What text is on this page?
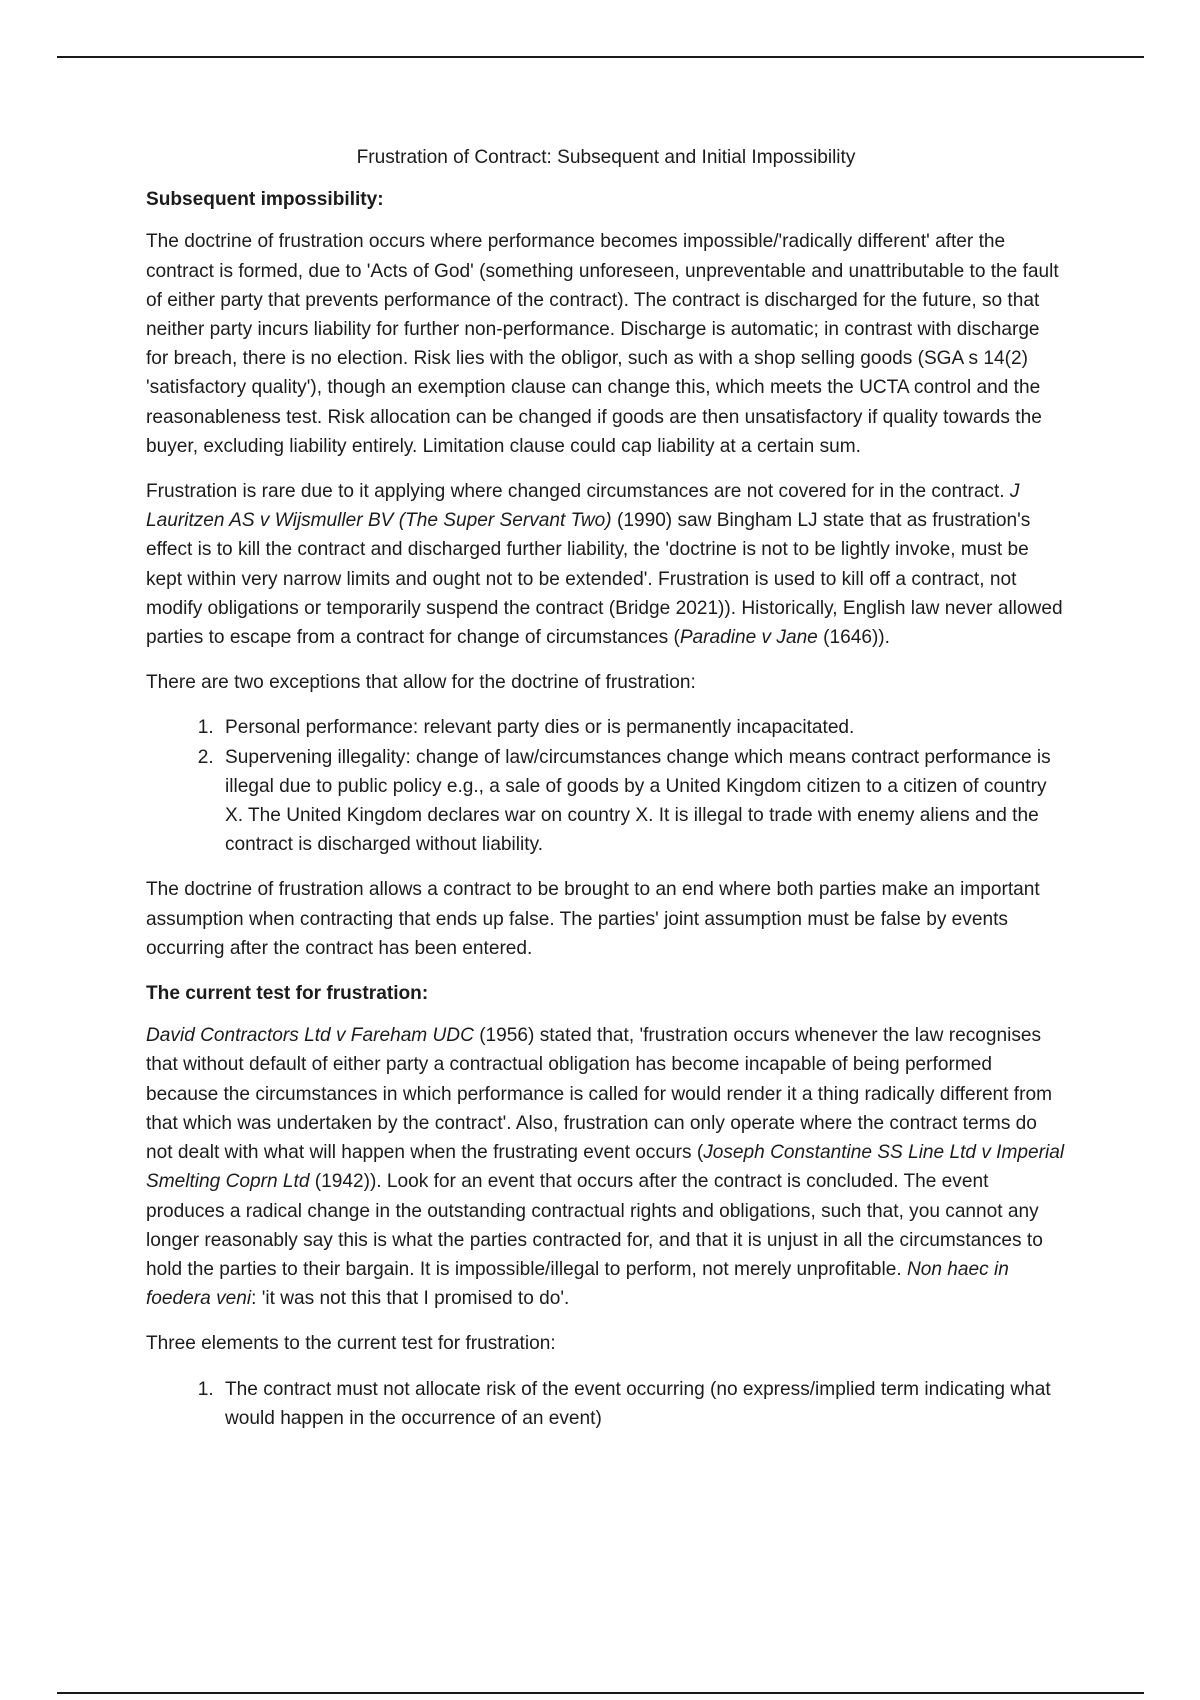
Frustration of Contract: Subsequent and Initial Impossibility
Subsequent impossibility:

The doctrine of frustration occurs where performance becomes impossible/'radically different' after the contract is formed, due to 'Acts of God' (something unforeseen, unpreventable and unattributable to the fault of either party that prevents performance of the contract). The contract is discharged for the future, so that neither party incurs liability for further non-performance. Discharge is automatic; in contrast with discharge for breach, there is no election. Risk lies with the obligor, such as with a shop selling goods (SGA s 14(2) 'satisfactory quality'), though an exemption clause can change this, which meets the UCTA control and the reasonableness test. Risk allocation can be changed if goods are then unsatisfactory if quality towards the buyer, excluding liability entirely. Limitation clause could cap liability at a certain sum.

Frustration is rare due to it applying where changed circumstances are not covered for in the contract. J Lauritzen AS v Wijsmuller BV (The Super Servant Two) (1990) saw Bingham LJ state that as frustration's effect is to kill the contract and discharged further liability, the 'doctrine is not to be lightly invoke, must be kept within very narrow limits and ought not to be extended'. Frustration is used to kill off a contract, not modify obligations or temporarily suspend the contract (Bridge 2021)). Historically, English law never allowed parties to escape from a contract for change of circumstances (Paradine v Jane (1646)).

There are two exceptions that allow for the doctrine of frustration:

1. Personal performance: relevant party dies or is permanently incapacitated.
2. Supervening illegality: change of law/circumstances change which means contract performance is illegal due to public policy e.g., a sale of goods by a United Kingdom citizen to a citizen of country X. The United Kingdom declares war on country X. It is illegal to trade with enemy aliens and the contract is discharged without liability.

The doctrine of frustration allows a contract to be brought to an end where both parties make an important assumption when contracting that ends up false. The parties' joint assumption must be false by events occurring after the contract has been entered.

The current test for frustration:

David Contractors Ltd v Fareham UDC (1956) stated that, 'frustration occurs whenever the law recognises that without default of either party a contractual obligation has become incapable of being performed because the circumstances in which performance is called for would render it a thing radically different from that which was undertaken by the contract'. Also, frustration can only operate where the contract terms do not dealt with what will happen when the frustrating event occurs (Joseph Constantine SS Line Ltd v Imperial Smelting Coprn Ltd (1942)). Look for an event that occurs after the contract is concluded. The event produces a radical change in the outstanding contractual rights and obligations, such that, you cannot any longer reasonably say this is what the parties contracted for, and that it is unjust in all the circumstances to hold the parties to their bargain. It is impossible/illegal to perform, not merely unprofitable. Non haec in foedera veni: 'it was not this that I promised to do'.

Three elements to the current test for frustration:

1. The contract must not allocate risk of the event occurring (no express/implied term indicating what would happen in the occurrence of an event)
